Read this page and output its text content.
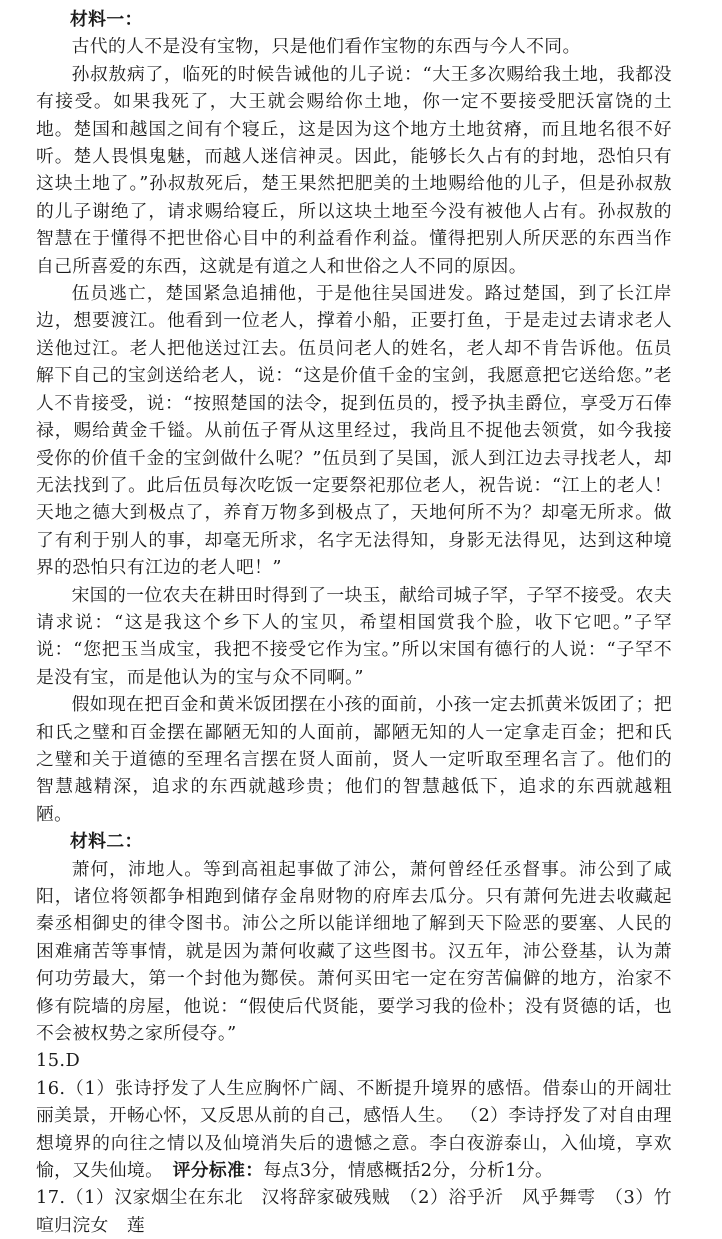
材料一：

古代的人不是没有宝物，只是他们看作宝物的东西与今人不同。

孙叔敖病了，临死的时候告诫他的儿子说：“大王多次赐给我土地，我都没有接受。如果我死了，大王就会赐给你土地，你一定不要接受肥沃富饶的土地。楚国和越国之间有个寝丘，这是因为这个地方土地贫瘠，而且地名很不好听。楚人畏惧鬼魅，而越人迷信神灵。因此，能够长久占有的封地，恐怕只有这块土地了。”孙叔敖死后，楚王果然把肥美的土地赐给他的儿子，但是孙叔敖的儿子谢绝了，请求赐给寝丘，所以这块土地至今没有被他人占有。孙叔敖的智慧在于懂得不把世俗心目中的利益看作利益。懂得把别人所厌恶的东西当作自己所喜爱的东西，这就是有道之人和世俗之人不同的原因。

伍员逃亡，楚国紧急追捕他，于是他往吴国进发。路过楚国，到了长江岸边，想要渡江。他看到一位老人，撑着小船，正要打鱼，于是走过去请求老人送他过江。老人把他送过江去。伍员问老人的姓名，老人却不肯告诉他。伍员解下自己的宝剑送给老人，说：“这是价值千金的宝剑，我愿意把它送给您。”老人不肯接受，说：“按照楚国的法令，捉到伍员的，授予执圭爵位，享受万石俸禄，赐给黄金千镒。从前伍子胥从这里经过，我尚且不捉他去领赏，如今我接受你的价值千金的宝剑做什么呢？”伍员到了吴国，派人到江边去寻找老人，却无法找到了。此后伍员每次吃饭一定要祭祀那位老人，祝告说：“江上的老人！天地之德大到极点了，养育万物多到极点了，天地何所不为？却毫无所求。做了有利于别人的事，却毫无所求，名字无法得知，身影无法得见，达到这种境界的恐怕只有江边的老人吧！”

宋国的一位农夫在耕田时得到了一块玉，献给司城子罕，子罕不接受。农夫请求说：“这是我这个乡下人的宝贝，希望相国赏我个脸，收下它吧。”子罕说：“您把玉当成宝，我把不接受它作为宝。”所以宋国有德行的人说：“子罕不是没有宝，而是他认为的宝与众不同啊。”

假如现在把百金和黄米饭团摆在小孩的面前，小孩一定去抓黄米饭团了；把和氏之璧和百金摆在鄙陋无知的人面前，鄙陋无知的人一定拿走百金；把和氏之璧和关于道德的至理名言摆在贤人面前，贤人一定听取至理名言了。他们的智慧越精深，追求的东西就越珍贵；他们的智慧越低下，追求的东西就越粗陋。

材料二：

萧何，沛地人。等到高祖起事做了沛公，萧何曾经任丞督事。沛公到了咸阳，诸位将领都争相跑到储存金帛财物的府库去瓜分。只有萧何先进去收藏起秦丞相御史的律令图书。沛公之所以能详细地了解到天下险恶的要塞、人民的困难痛苦等事情，就是因为萧何收藏了这些图书。汉五年，沛公登基，认为萧何功劳最大，第一个封他为酂侯。萧何买田宅一定在穷苦偏僻的地方，治家不修有院墙的房屋，他说：“假使后代贤能，要学习我的俭朴；没有贤德的话，也不会被权势之家所侵夺。”

15.D

16.（1）张诗抒发了人生应胸怀广阔、不断提升境界的感悟。借泰山的开阔壮丽美景，开畅心怀，又反思从前的自己，感悟人生。 （2）李诗抒发了对自由理想境界的向往之情以及仙境消失后的遗憾之意。李白夜游泰山，入仙境，享欢愉，又失仙境。　 评分标准：每点3分，情感概括2分，分析1分。

17.（1）汉家烟尘在东北　汉将辞家破残贼　（2）浴乎沂　风乎舞雩　（3）竹喧归浣女　莲
